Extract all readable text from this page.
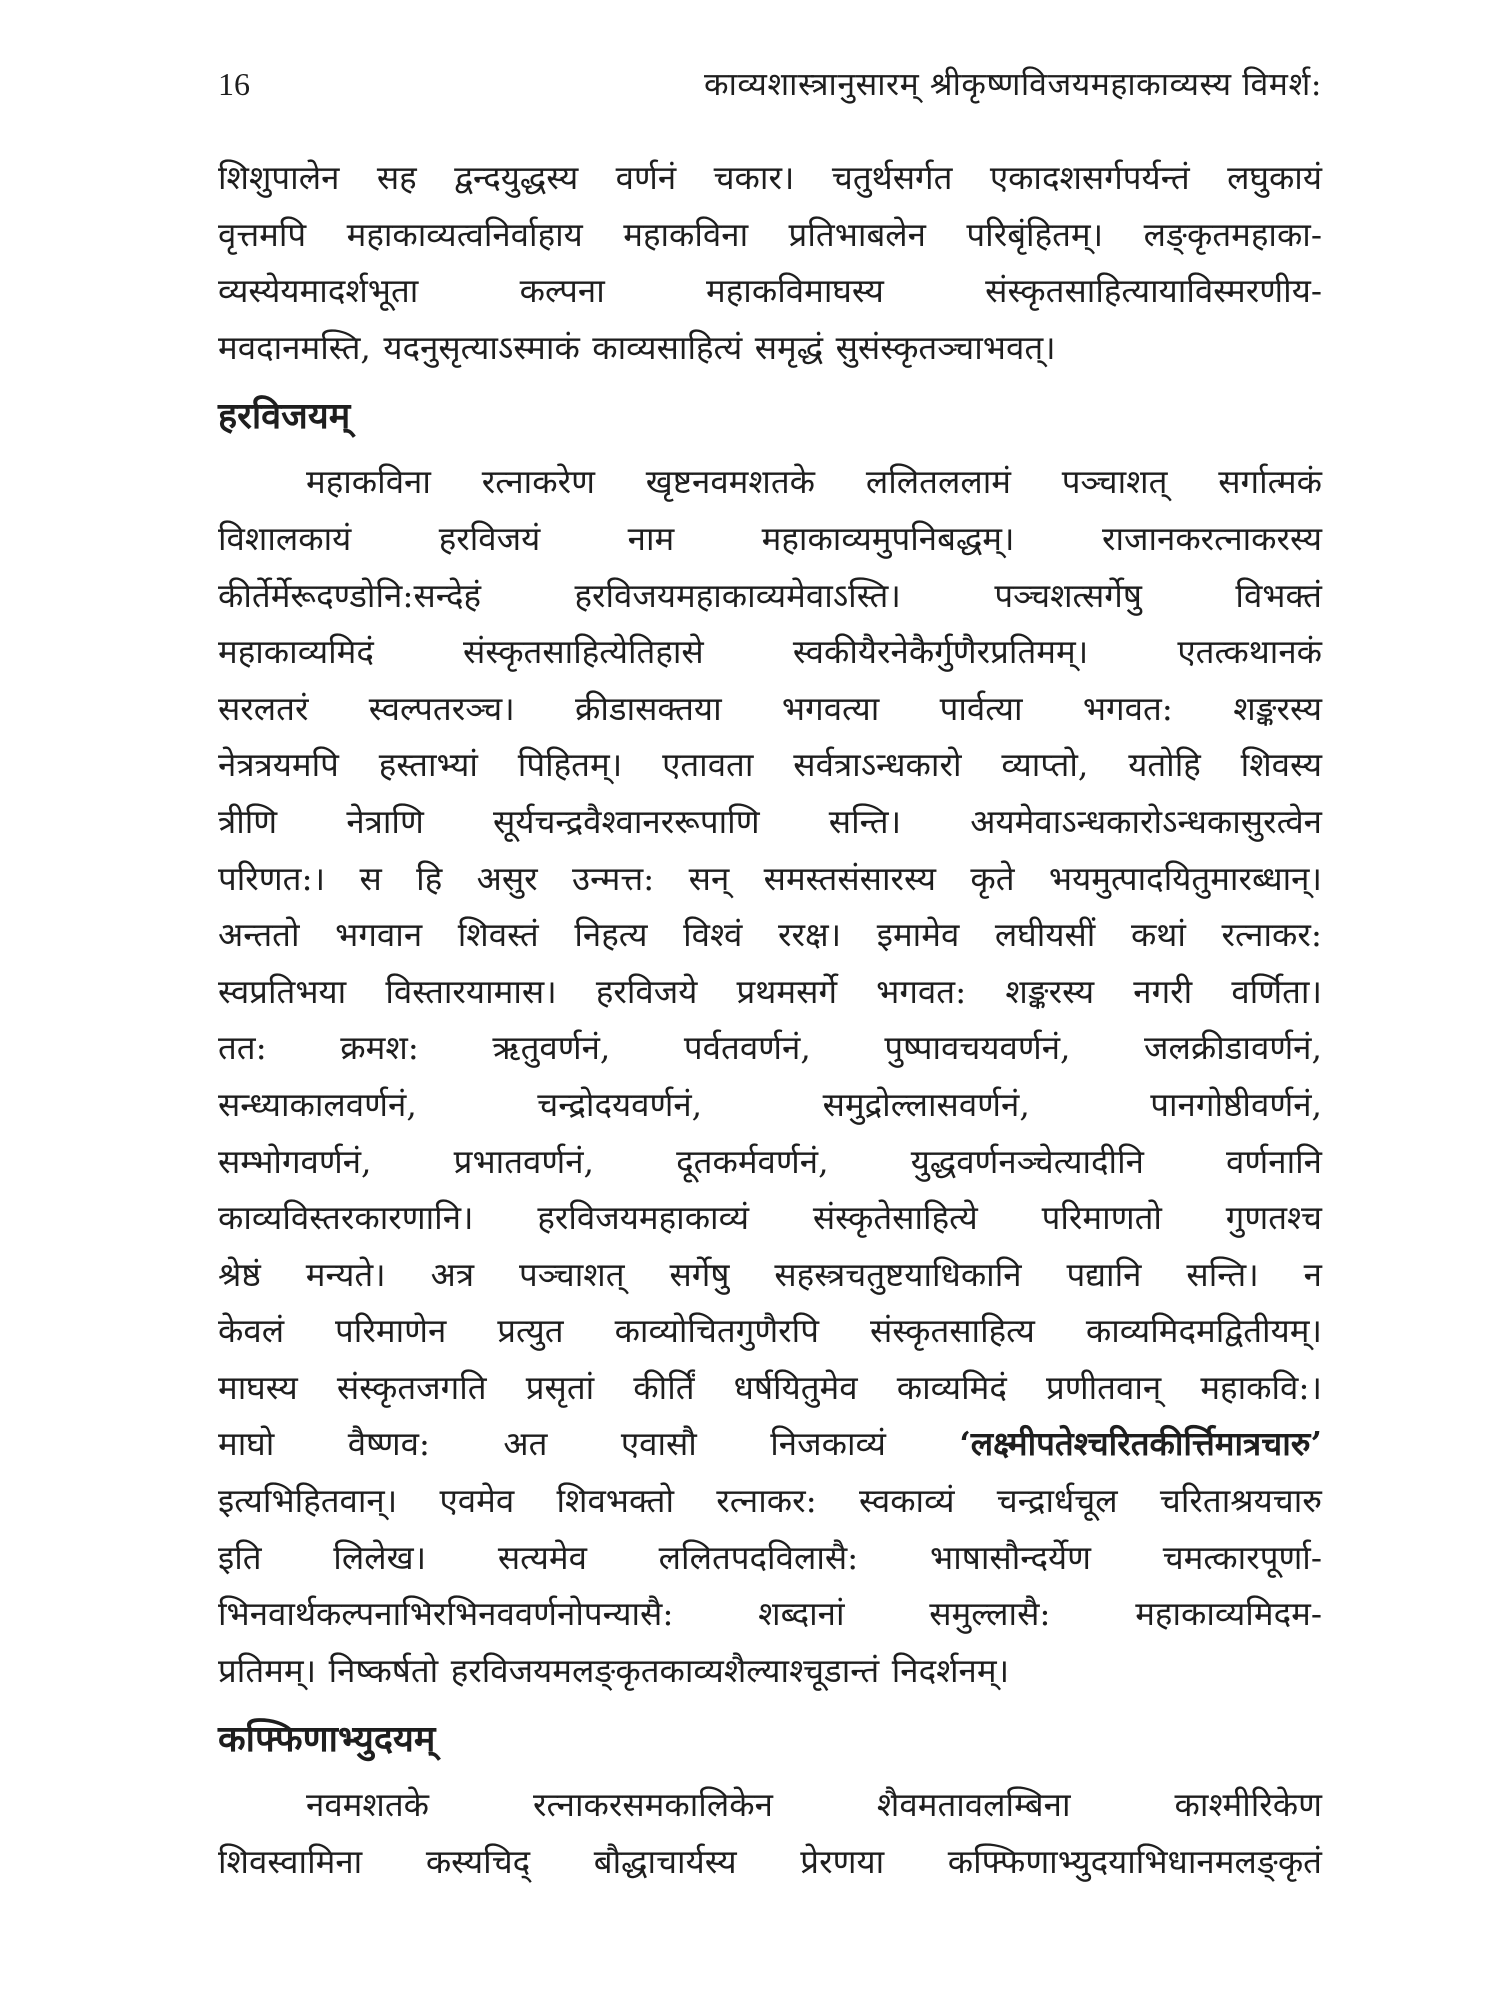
16	काव्यशास्त्रानुसारम् श्रीकृष्णविजयमहाकाव्यस्य विमर्श:

शिशुपालेन सह द्वन्दयुद्धस्य वर्णनं चकार। चतुर्थसर्गत एकादशसर्गपर्यन्तं लघुकायं
वृत्तमपि महाकाव्यत्वनिर्वाहाय महाकविना प्रतिभाबलेन परिबृंहितम्। लङ्कृतमहाका-
व्यस्येयमादर्शभूता कल्पना महाकविमाघस्य संस्कृतसाहित्यायाविस्मरणीय-
मवदानमस्ति, यदनुसृत्याऽस्माकं काव्यसाहित्यं समृद्धं सुसंस्कृतञ्चाभवत्।

हरविजयम्

महाकविना रत्नाकरेण खृष्टनवमशतके ललितललामं पञ्चाशत् सर्गात्मकं
विशालकायं हरविजयं नाम महाकाव्यमुपनिबद्धम्। राजानकरत्नाकरस्य
कीर्तेर्मेरूदण्डोनि:सन्देहं हरविजयमहाकाव्यमेवाऽस्ति। पञ्चशत्सर्गेषु विभक्तं
महाकाव्यमिदं संस्कृतसाहित्येतिहासे स्वकीयैरनेकैर्गुणैरप्रतिमम्। एतत्कथानकं
सरलतरं स्वल्पतरञ्च। क्रीडासक्तया भगवत्या पार्वत्या भगवत: शङ्करस्य
नेत्रत्रयमपि हस्ताभ्यां पिहितम्। एतावता सर्वत्राऽन्धकारो व्याप्तो, यतोहि शिवस्य
त्रीणि नेत्राणि सूर्यचन्द्रवैश्वानररूपाणि सन्ति। अयमेवाऽन्धकारोऽन्धकासुरत्वेन
परिणत:। स हि असुर उन्मत्त: सन् समस्तसंसारस्य कृते भयमुत्पादयितुमारब्धान्।
अन्ततो भगवान शिवस्तं निहत्य विश्वं ररक्ष। इमामेव लघीयसीं कथां रत्नाकर:
स्वप्रतिभया विस्तारयामास। हरविजये प्रथमसर्गे भगवत: शङ्करस्य नगरी वर्णिता।
तत: क्रमश: ऋतुवर्णनं, पर्वतवर्णनं, पुष्पावचयवर्णनं, जलक्रीडावर्णनं,
सन्ध्याकालवर्णनं, चन्द्रोदयवर्णनं, समुद्रोल्लासवर्णनं, पानगोष्ठीवर्णनं,
सम्भोगवर्णनं, प्रभातवर्णनं, दूतकर्मवर्णनं, युद्धवर्णनञ्चेत्यादीनि वर्णनानि
काव्यविस्तरकारणानि। हरविजयमहाकाव्यं संस्कृतेसाहित्ये परिमाणतो गुणतश्च
श्रेष्ठं मन्यते। अत्र पञ्चाशत् सर्गेषु सहस्त्रचतुष्टयाधिकानि पद्यानि सन्ति। न
केवलं परिमाणेन प्रत्युत काव्योचितगुणैरपि संस्कृतसाहित्य काव्यमिदमद्वितीयम्।
माघस्य संस्कृतजगति प्रसृतां कीर्तिं धर्षयितुमेव काव्यमिदं प्रणीतवान् महाकवि:।
माघो वैष्णव: अत एवासौ निजकाव्यं ‘लक्ष्मीपतेश्चरितकीर्त्तिमात्रचारु’
इत्यभिहितवान्। एवमेव शिवभक्तो रत्नाकर: स्वकाव्यं चन्द्रार्धचूल चरिताश्रयचारु
इति लिलेख। सत्यमेव ललितपदविलासै: भाषासौन्दर्येण चमत्कारपूर्णा-
भिनवार्थकल्पनाभिरभिनववर्णनोपन्यासै: शब्दानां समुल्लासै: महाकाव्यमिदम-
प्रतिमम्। निष्कर्षतो हरविजयमलङ्कृतकाव्यशैल्याश्चूडान्तं निदर्शनम्।

कफ्फिणाभ्युदयम्

नवमशतके रत्नाकरसमकालिकेन शैवमतावलम्बिना काश्मीरिकेण
शिवस्वामिना कस्यचिद् बौद्धाचार्यस्य प्रेरणया कफ्फिणाभ्युदयाभिधानमलङ्कृतं
